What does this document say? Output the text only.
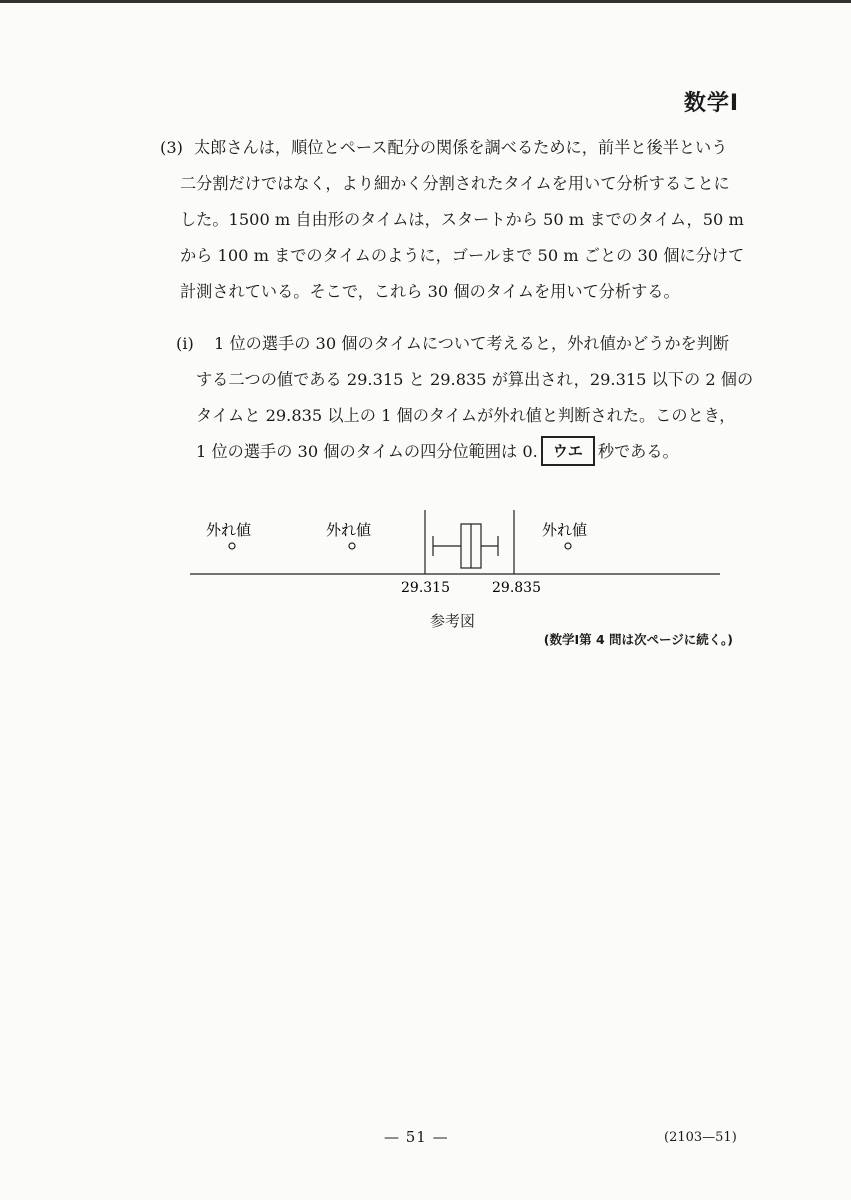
数学Ⅰ
(3) 太郎さんは，順位とペース配分の関係を調べるために，前半と後半という
二分割だけではなく，より細かく分割されたタイムを用いて分析することに
した。1500 m 自由形のタイムは，スタートから 50 m までのタイム，50 m
から 100 m までのタイムのように，ゴールまで 50 m ごとの 30 個に分けて
計測されている。そこで，これら 30 個のタイムを用いて分析する。
(i)	1 位の選手の 30 個のタイムについて考えると，外れ値かどうかを判断
する二つの値である 29.315 と 29.835 が算出され，29.315 以下の 2 個の
タイムと 29.835 以上の 1 個のタイムが外れ値と判断された。このとき，
1 位の選手の 30 個のタイムの四分位範囲は 0. ウエ 秒である。
外れ値	外れ値	外れ値
29.315	29.835
参考図
(数学Ⅰ第 4 問は次ページに続く。)
— 51 —	(2103—51)
